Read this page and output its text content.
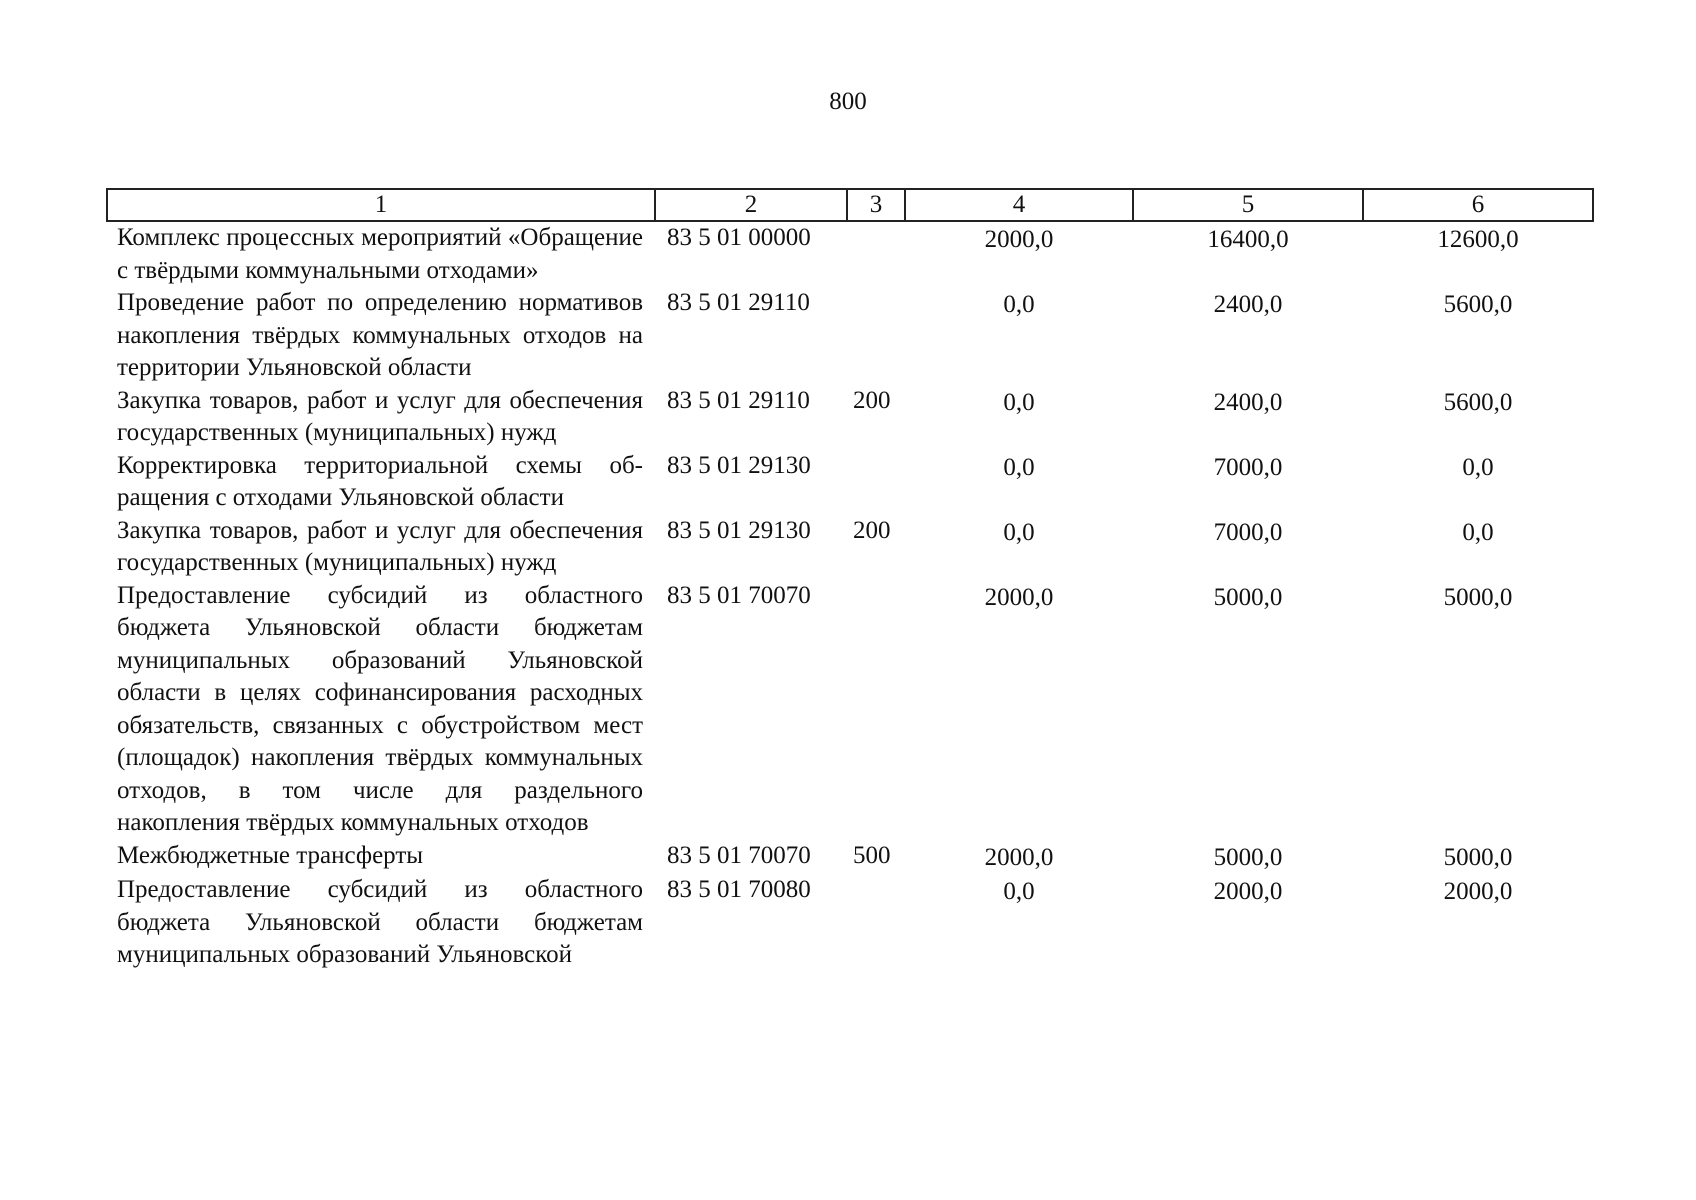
800
1	2	3	4	5	6
Комплекс процессных мероприятий «Обращение с твёрдыми коммунальными отходами»	83 5 01 00000		2000,0	16400,0	12600,0
Проведение работ по определению нормативов накопления твёрдых коммунальных отходов на территории Ульяновской области	83 5 01 29110		0,0	2400,0	5600,0
Закупка товаров, работ и услуг для обеспечения государственных (муниципальных) нужд	83 5 01 29110	200	0,0	2400,0	5600,0
Корректировка территориальной схемы обращения с отходами Ульяновской области	83 5 01 29130		0,0	7000,0	0,0
Закупка товаров, работ и услуг для обеспечения государственных (муниципальных) нужд	83 5 01 29130	200	0,0	7000,0	0,0
Предоставление субсидий из областного бюджета Ульяновской области бюджетам муниципальных образований Ульяновской области в целях софинансирования расходных обязательств, связанных с обустройством мест (площадок) накопления твёрдых коммунальных отходов, в том числе для раздельного накопления твёрдых коммунальных отходов	83 5 01 70070		2000,0	5000,0	5000,0
Межбюджетные трансферты	83 5 01 70070	500	2000,0	5000,0	5000,0
Предоставление субсидий из областного бюджета Ульяновской области бюджетам муниципальных образований Ульяновской	83 5 01 70080		0,0	2000,0	2000,0
